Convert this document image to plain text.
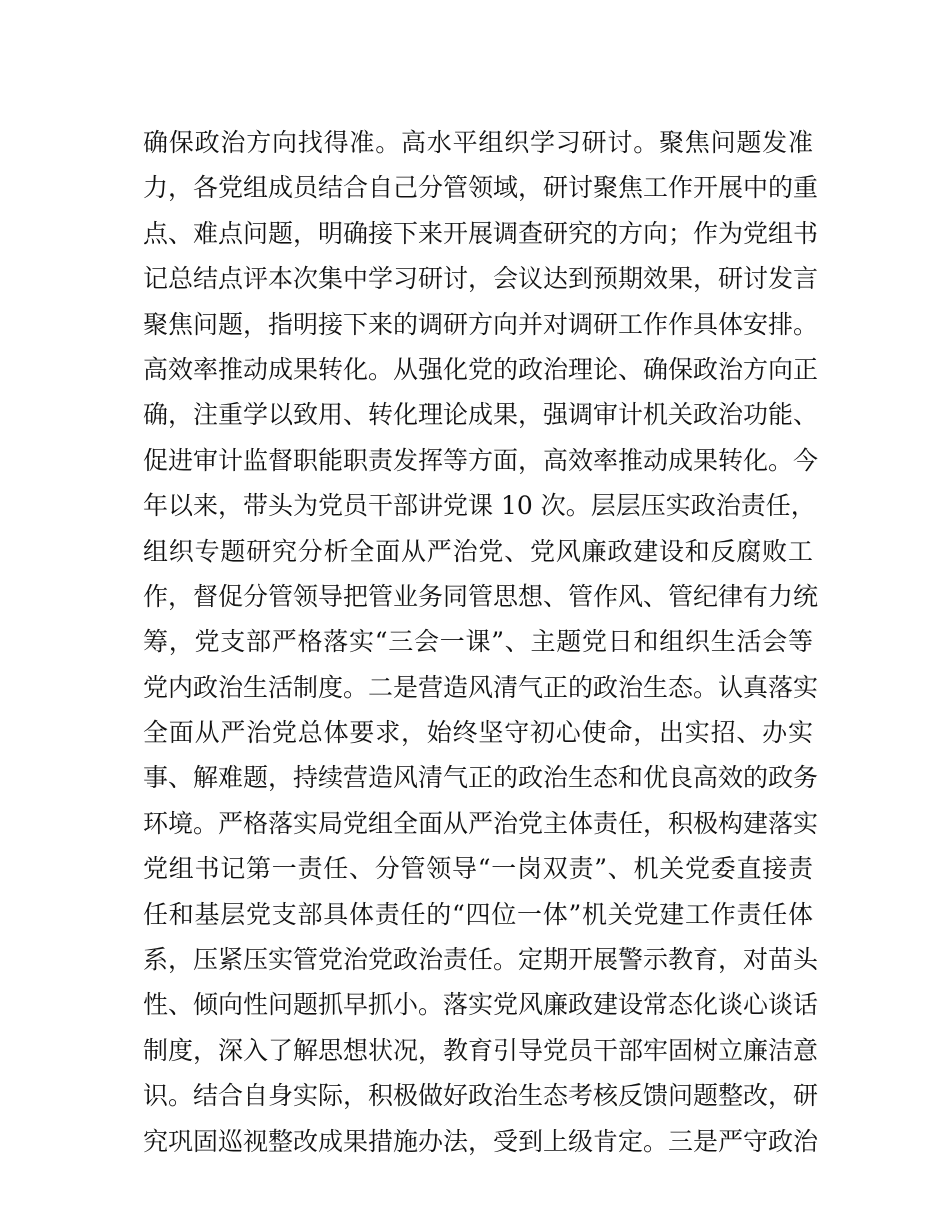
确保政治方向找得准。高水平组织学习研讨。聚焦问题发准
力，各党组成员结合自己分管领域，研讨聚焦工作开展中的重
点、难点问题，明确接下来开展调查研究的方向；作为党组书
记总结点评本次集中学习研讨，会议达到预期效果，研讨发言
聚焦问题，指明接下来的调研方向并对调研工作作具体安排。
高效率推动成果转化。从强化党的政治理论、确保政治方向正
确，注重学以致用、转化理论成果，强调审计机关政治功能、
促进审计监督职能职责发挥等方面，高效率推动成果转化。今
年以来，带头为党员干部讲党课 10 次。层层压实政治责任，
组织专题研究分析全面从严治党、党风廉政建设和反腐败工
作，督促分管领导把管业务同管思想、管作风、管纪律有力统
筹，党支部严格落实“三会一课”、主题党日和组织生活会等
党内政治生活制度。二是营造风清气正的政治生态。认真落实
全面从严治党总体要求，始终坚守初心使命，出实招、办实
事、解难题，持续营造风清气正的政治生态和优良高效的政务
环境。严格落实局党组全面从严治党主体责任，积极构建落实
党组书记第一责任、分管领导“一岗双责”、机关党委直接责
任和基层党支部具体责任的“四位一体”机关党建工作责任体
系，压紧压实管党治党政治责任。定期开展警示教育，对苗头
性、倾向性问题抓早抓小。落实党风廉政建设常态化谈心谈话
制度，深入了解思想状况，教育引导党员干部牢固树立廉洁意
识。结合自身实际，积极做好政治生态考核反馈问题整改，研
究巩固巡视整改成果措施办法，受到上级肯定。三是严守政治
